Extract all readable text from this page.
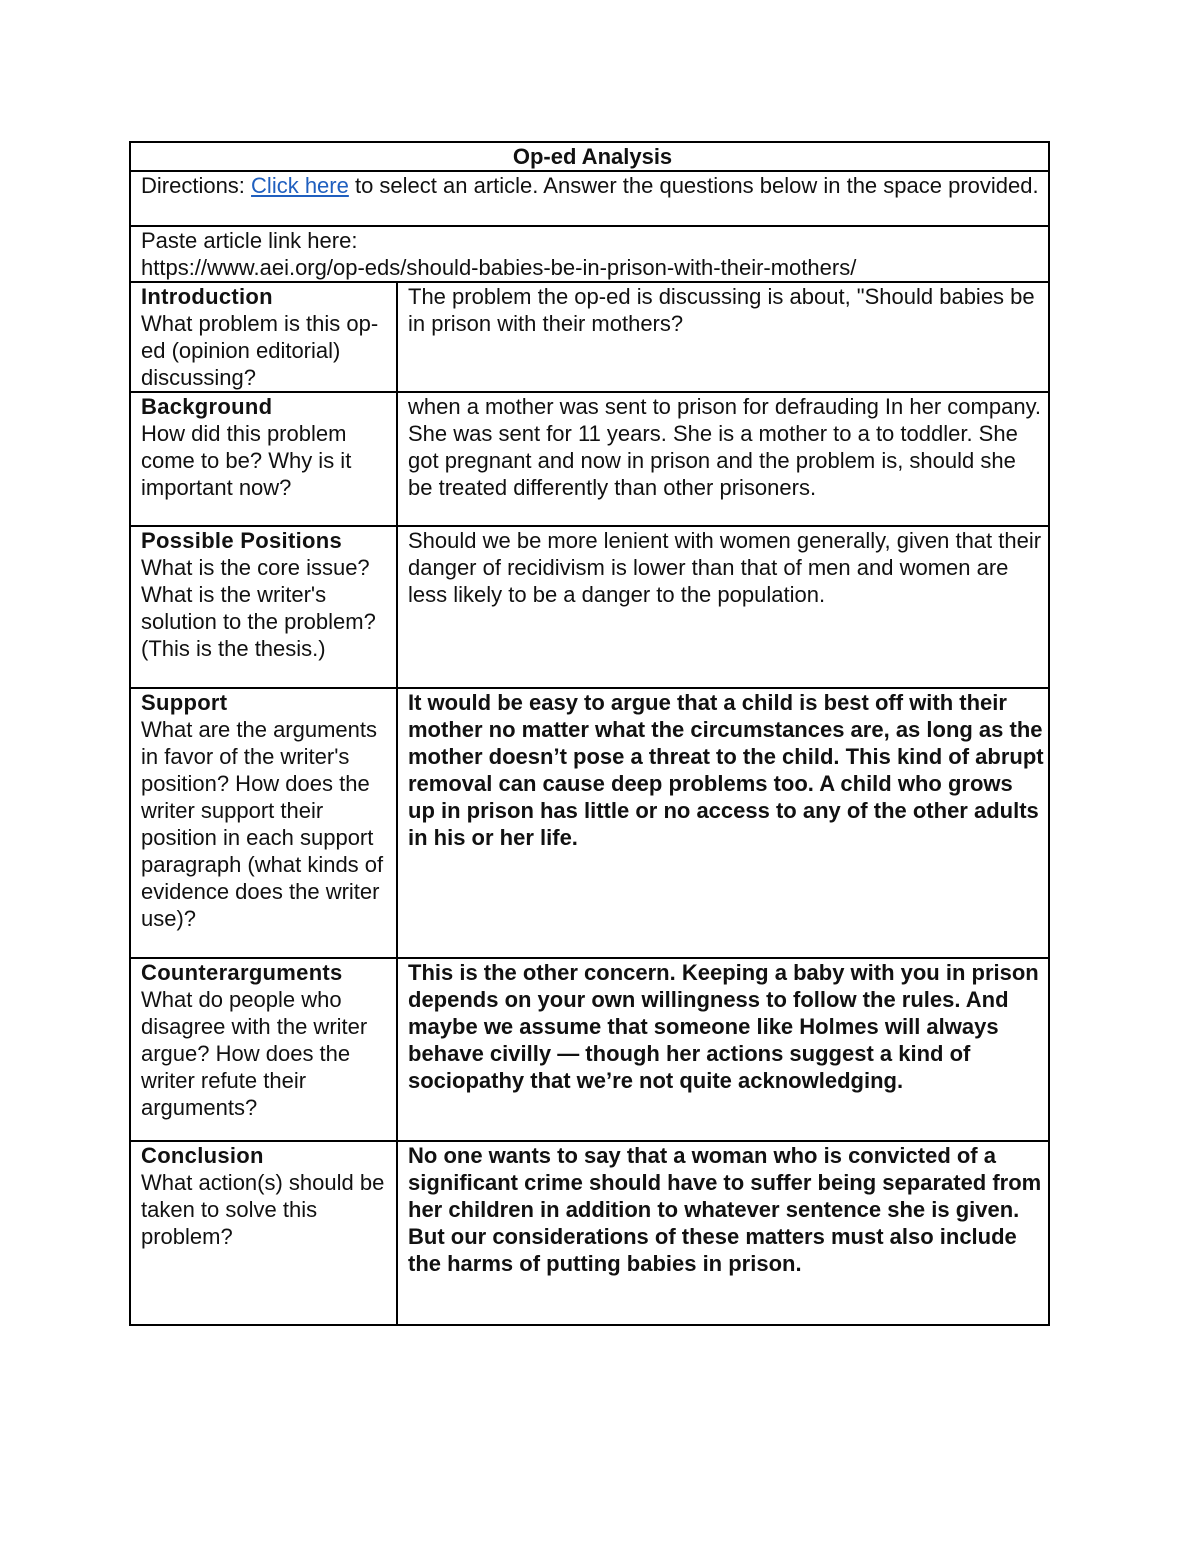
Op-ed Analysis	
Directions: Click here to select an article. Answer the questions below in the space provided.	

Paste article link here:
https://www.aei.org/op-eds/should-babies-be-in-prison-with-their-mothers/	

Introduction
What problem is this op-ed (opinion editorial) discussing?	The problem the op-ed is discussing is about, "Should babies be in prison with their mothers?

Background
How did this problem come to be? Why is it important now?	when a mother was sent to prison for defrauding In her company. She was sent for 11 years. She is a mother to a to toddler. She got pregnant and now in prison and the problem is, should she be treated differently than other prisoners.

Possible Positions
What is the core issue? What is the writer's solution to the problem? (This is the thesis.)	Should we be more lenient with women generally, given that their danger of recidivism is lower than that of men and women are less likely to be a danger to the population.

Support
What are the arguments in favor of the writer's position? How does the writer support their position in each support paragraph (what kinds of evidence does the writer use)?	It would be easy to argue that a child is best off with their mother no matter what the circumstances are, as long as the mother doesn’t pose a threat to the child. This kind of abrupt removal can cause deep problems too. A child who grows up in prison has little or no access to any of the other adults in his or her life.

Counterarguments
What do people who disagree with the writer argue? How does the writer refute their arguments?	This is the other concern. Keeping a baby with you in prison depends on your own willingness to follow the rules. And maybe we assume that someone like Holmes will always behave civilly — though her actions suggest a kind of sociopathy that we’re not quite acknowledging.

Conclusion
What action(s) should be taken to solve this problem?	No one wants to say that a woman who is convicted of a significant crime should have to suffer being separated from her children in addition to whatever sentence she is given. But our considerations of these matters must also include the harms of putting babies in prison.
